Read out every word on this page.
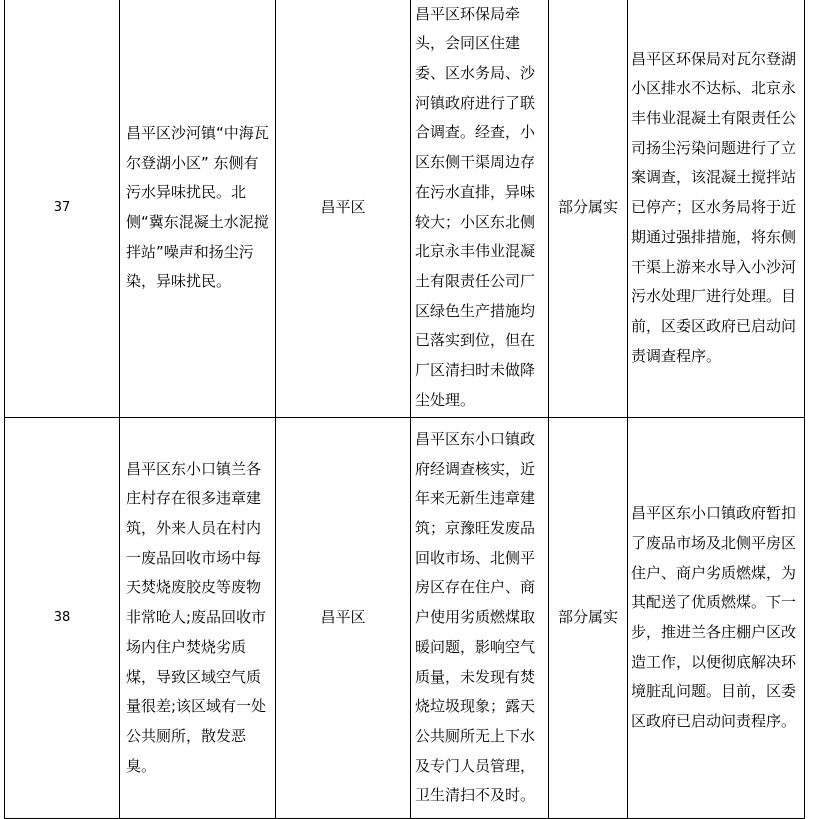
37	昌平区沙河镇“中海瓦尔登湖小区” 东侧有污水异味扰民。北侧“冀东混凝土水泥搅拌站”噪声和扬尘污染，异味扰民。	昌平区	昌平区环保局牵头，会同区住建委、区水务局、沙河镇政府进行了联合调查。经查，小区东侧干渠周边存在污水直排，异味较大；小区东北侧北京永丰伟业混凝土有限责任公司厂区绿色生产措施均已落实到位，但在厂区清扫时未做降尘处理。	部分属实	昌平区环保局对瓦尔登湖小区排水不达标、北京永丰伟业混凝土有限责任公司扬尘污染问题进行了立案调查，该混凝土搅拌站已停产；区水务局将于近期通过强排措施，将东侧干渠上游来水导入小沙河污水处理厂进行处理。目前，区委区政府已启动问责调查程序。

38	昌平区东小口镇兰各庄村存在很多违章建筑，外来人员在村内一废品回收市场中每天焚烧废胶皮等废物非常呛人;废品回收市场内住户焚烧劣质煤，导致区域空气质量很差;该区域有一处公共厕所，散发恶臭。	昌平区	昌平区东小口镇政府经调查核实，近年来无新生违章建筑；京豫旺发废品回收市场、北侧平房区存在住户、商户使用劣质燃煤取暖问题，影响空气质量，未发现有焚烧垃圾现象；露天公共厕所无上下水及专门人员管理，卫生清扫不及时。	部分属实	昌平区东小口镇政府暂扣了废品市场及北侧平房区住户、商户劣质燃煤，为其配送了优质燃煤。下一步，推进兰各庄棚户区改造工作，以便彻底解决环境脏乱问题。目前，区委区政府已启动问责程序。
